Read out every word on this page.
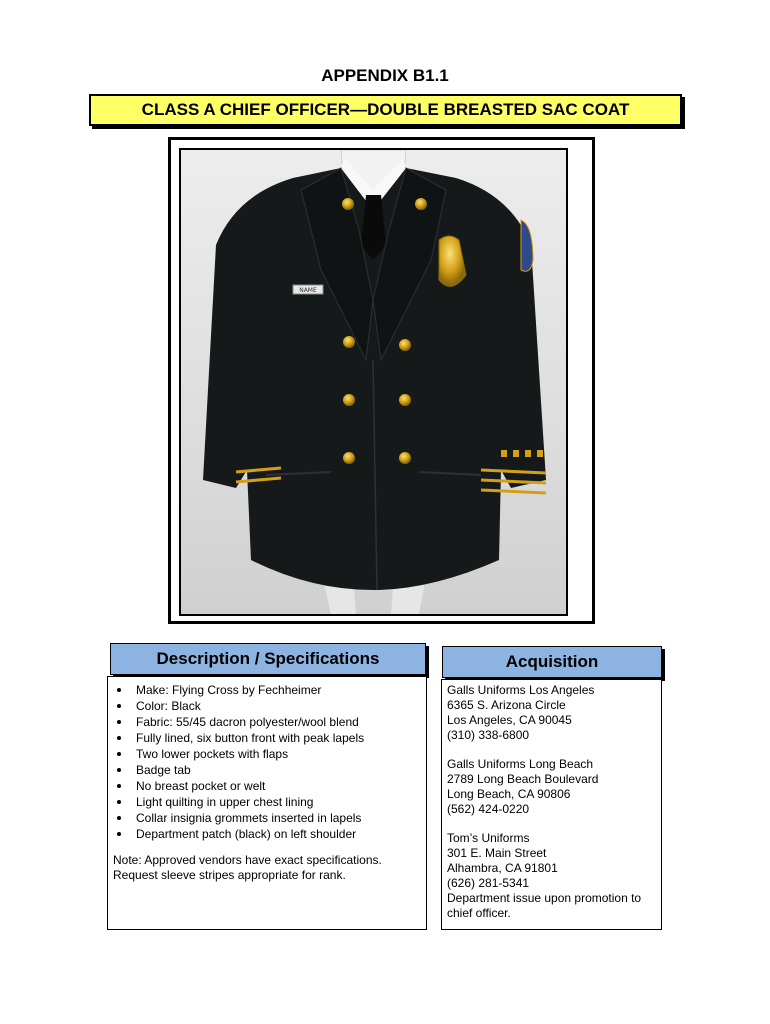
APPENDIX B1.1
CLASS A CHIEF OFFICER—DOUBLE BREASTED SAC COAT
NAME
Description / Specifications	Acquisition
Make: Flying Cross by Fechheimer
Color: Black
Fabric: 55/45 dacron polyester/wool blend
Fully lined, six button front with peak lapels
Two lower pockets with flaps
Badge tab
No breast pocket or welt
Light quilting in upper chest lining
Collar insignia grommets inserted in lapels
Department patch (black) on left shoulder
Note: Approved vendors have exact specifications.
Request sleeve stripes appropriate for rank.
Galls Uniforms Los Angeles
6365 S. Arizona Circle
Los Angeles, CA 90045
(310) 338-6800
Galls Uniforms Long Beach
2789 Long Beach Boulevard
Long Beach, CA 90806
(562) 424-0220
Tom’s Uniforms
301 E. Main Street
Alhambra, CA 91801
(626) 281-5341
Department issue upon promotion to chief officer.
